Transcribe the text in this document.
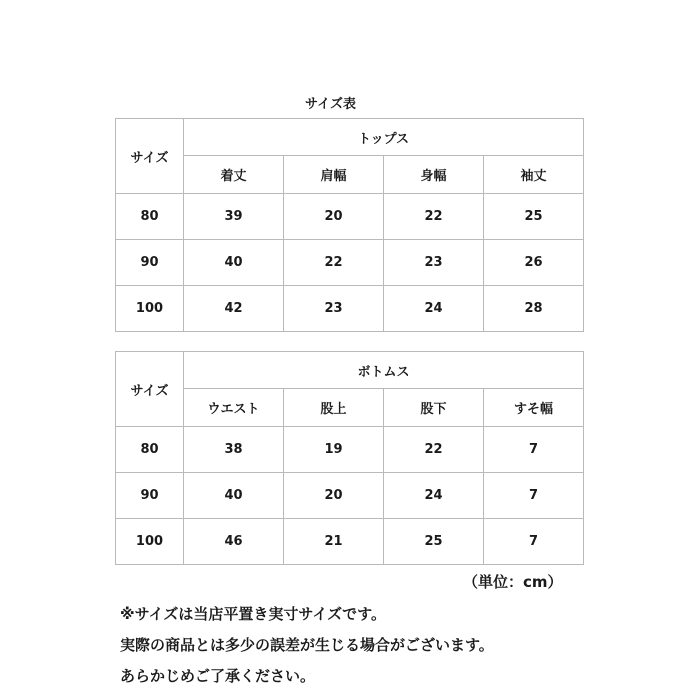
サイズ表
サイズ	トップス			
	着丈	肩幅	身幅	袖丈
80	39	20	22	25
90	40	22	23	26
100	42	23	24	28
サイズ	ボトムス			
	ウエスト	股上	股下	すそ幅
80	38	19	22	7
90	40	20	24	7
100	46	21	25	7
（単位：cm）
※サイズは当店平置き実寸サイズです。
実際の商品とは多少の誤差が生じる場合がございます。
あらかじめご了承ください。
